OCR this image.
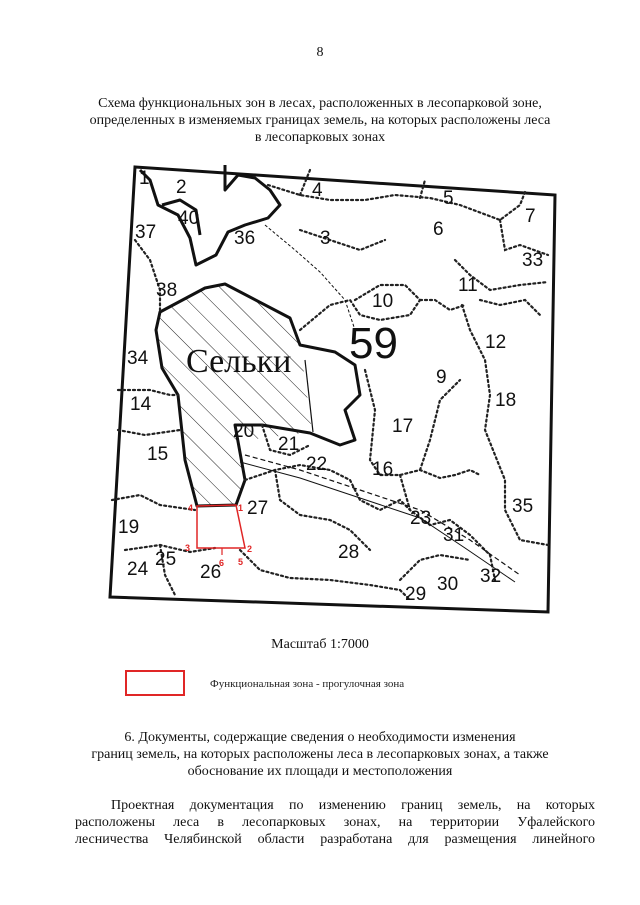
8
Схема функциональных зон в лесах, расположенных в лесопарковой зоне,
определенных в изменяемых границах земель, на которых расположены леса
в лесопарковых зонах
1
2
3
4
5
6
Сельки 59
1 2
3
4	5
6
7
10
11
12
9
17
18
14
15
16
19
20
21
22
23
24 25
26
27
28
29 30
31
32
33
34
35
36
37
38
40
Масштаб 1:7000
Функциональная зона - прогулочная зона
6. Документы, содержащие сведения о необходимости изменения
границ земель, на которых расположены леса в лесопарковых зонах, а также
обоснование их площади и местоположения
Проектная документация по изменению границ земель, на которых
расположены леса в лесопарковых зонах, на территории Уфалейского
лесничества Челябинской области разработана для размещения линейного
